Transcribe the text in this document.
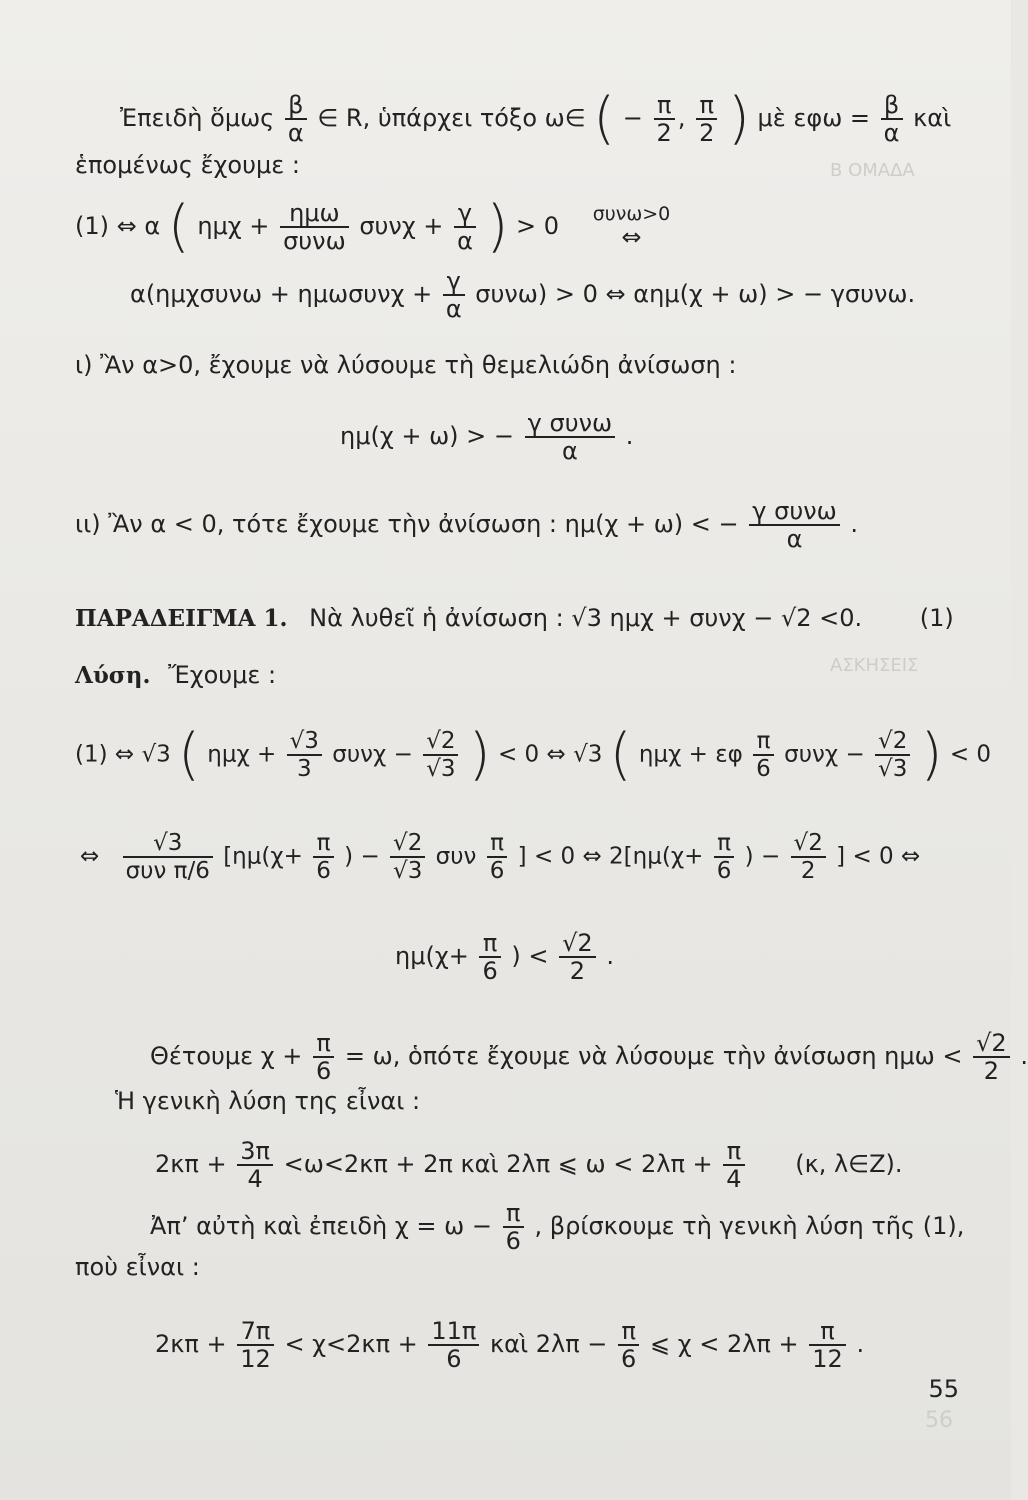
Β ΟΜΑΔΑ
ΑΣΚΗΣΕΙΣ
56
Ἐπειδὴ ὅμως $\frac{\beta}{\alpha}$ ∈ R, ὑπάρχει τόξο ω∈ ( − $\frac{\pi}{2}$ , $\frac{\pi}{2}$ ) μὲ $\varepsilon\varphi\omega = \frac{\beta}{\alpha}$ καὶ
ἑπομένως ἔχουμε :
(1) ⇔ α ( $\eta\mu\chi + \frac{\text{ημω}}{\text{συνω}}$ $\sigma\upsilon\nu\chi + \frac{\gamma}{\alpha}$ ) > 0 συνω>0
⇔
$\alpha(\eta\mu\chi\sigma\upsilon\nu\omega + \eta\mu\omega\sigma\upsilon\nu\chi + \frac{\gamma}{\alpha} \sigma\upsilon\nu\omega) > 0$ ⇔ αημ(χ + ω) > − γσυνω.
ι) Ἂν α>0, ἔχουμε νὰ λύσουμε τὴ θεμελιώδη ἀνίσωση :
ημ(χ + ω) > − $\frac{\text{γ συνω}}{\alpha}$ .
ιι) Ἂν α < 0, τότε ἔχουμε τὴν ἀνίσωση : ημ(χ + ω) < − $\frac{\text{γ συνω}}{\alpha}$ .
ΠΑΡΑΔΕΙΓΜΑ 1. Νὰ λυθεῖ ἡ ἀνίσωση : √3 ημχ + συνχ − √2 <0. (1)
Λύση. Ἔχουμε :
(1) ⇔ √3 ( $\eta\mu\chi + \frac{√3}{3}$ $\sigma\upsilon\nu\chi - \frac{√2}{√3}$ ) < 0 ⇔ √3 ( ημχ + εφ $\frac{\pi}{6}$ $\sigma\upsilon\nu\chi - \frac{√2}{√3}$ ) < 0
⇔ $\frac{√3}{\text{συν π/6}} [\eta\mu(\chi+ \frac{\pi}{6}$ ) − $\frac{√2}{√3}$ συν $\frac{\pi}{6}$ ] < 0 ⇔ $2[\eta\mu(\chi+ \frac{\pi}{6}$ ) − $\frac{√2}{2}$ ] < 0 ⇔
$\eta\mu(\chi+ \frac{\pi}{6}$ ) < $\frac{√2}{2}$ .
Θέτουμε $\chi + \frac{\pi}{6} = \omega$, ὁπότε ἔχουμε νὰ λύσουμε τὴν ἀνίσωση $\eta\mu\omega < \frac{√2}{2}$ .
Ἡ γενικὴ λύση της εἶναι :
$2\kappa\pi + \frac{3\pi}{4} <\omega<2\kappa\pi + 2\pi$ καὶ 2λπ ⩽ $\omega < 2\lambda\pi + \frac{\pi}{4} (\kappa$, λ∈Z).
Ἀπ’ αὐτὴ καὶ ἐπειδὴ $\chi = \omega - \frac{\pi}{6}$ , βρίσκουμε τὴ γενικὴ λύση τῆς (1),
ποὺ εἶναι :
$2\kappa\pi + \frac{7\pi}{12} < \chi<2\kappa\pi + \frac{11\pi}{6}$ καὶ $2\lambda\pi - \frac{\pi}{6}$ ⩽ $\chi < 2\lambda\pi + \frac{\pi}{12}$ .
55
